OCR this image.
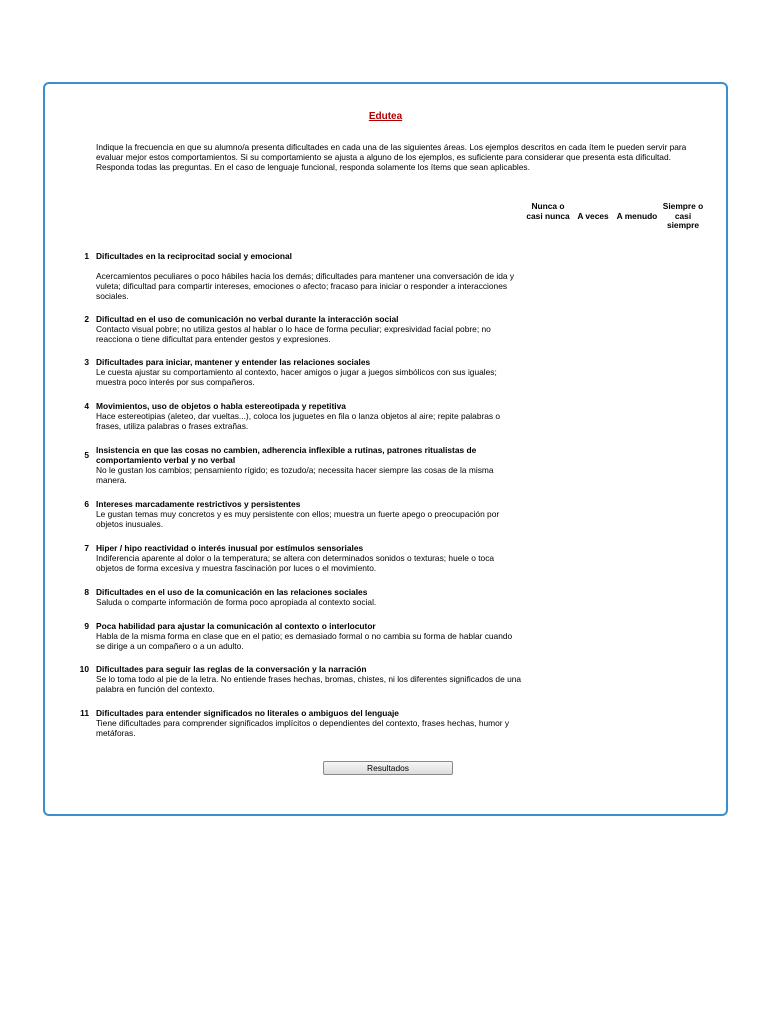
Edutea
Indique la frecuencia en que su alumno/a presenta dificultades en cada una de las siguientes áreas. Los ejemplos descritos en cada ítem le pueden servir para evaluar mejor estos comportamientos. Si su comportamiento se ajusta a alguno de los ejemplos, es suficiente para considerar que presenta esta dificultad. Responda todas las preguntas. En el caso de lenguaje funcional, responda solamente los ítems que sean aplicables.
Nunca o casi nunca A veces A menudo
Siempre o casi siempre
1 Dificultades en la reciprocitad social y emocional
Acercamientos peculiares o poco hábiles hacia los demás; dificultades para mantener una conversación de ida y vuleta; dificultad para compartir intereses, emociones o afecto; fracaso para iniciar o responder a interacciones sociales.
2 Dificultad en el uso de comunicación no verbal durante la interacción social
Contacto visual pobre; no utiliza gestos al hablar o lo hace de forma peculiar; expresividad facial pobre; no reacciona o tiene dificultat para entender gestos y expresiones.
3 Dificultades para iniciar, mantener y entender las relaciones sociales
Le cuesta ajustar su comportamiento al contexto, hacer amigos o jugar a juegos simbólicos con sus iguales; muestra poco interés por sus compañeros.
4 Movimientos, uso de objetos o habla estereotipada y repetitiva
Hace estereotipias (aleteo, dar vueltas...), coloca los juguetes en fila o lanza objetos al aire; repite palabras o frases, utiliza palabras o frases extrañas.
5 Insistencia en que las cosas no cambien, adherencia inflexible a rutinas, patrones ritualistas de comportamiento verbal y no verbal
No le gustan los cambios; pensamiento rígido; es tozudo/a; necessita hacer siempre las cosas de la misma manera.
6 Intereses marcadamente restrictivos y persistentes
Le gustan temas muy concretos y es muy persistente con ellos; muestra un fuerte apego o preocupación por objetos inusuales.
7 Hiper / hipo reactividad o interés inusual por estímulos sensoriales
Indiferencia aparente al dolor o la temperatura; se altera con determinados sonidos o texturas; huele o toca objetos de forma excesiva y muestra fascinación por luces o el movimiento.
8 Dificultades en el uso de la comunicación en las relaciones sociales
Saluda o comparte información de forma poco apropiada al contexto social.
9 Poca habilidad para ajustar la comunicación al contexto o interlocutor
Habla de la misma forma en clase que en el patio; es demasiado formal o no cambia su forma de hablar cuando se dirige a un compañero o a un adulto.
10 Dificultades para seguir las reglas de la conversación y la narración
Se lo toma todo al pie de la letra. No entiende frases hechas, bromas, chistes, ni los diferentes significados de una palabra en función del contexto.
11 Dificultades para entender significados no literales o ambiguos del lenguaje
Tiene dificultades para comprender significados implícitos o dependientes del contexto, frases hechas, humor y metáforas.
Resultados
